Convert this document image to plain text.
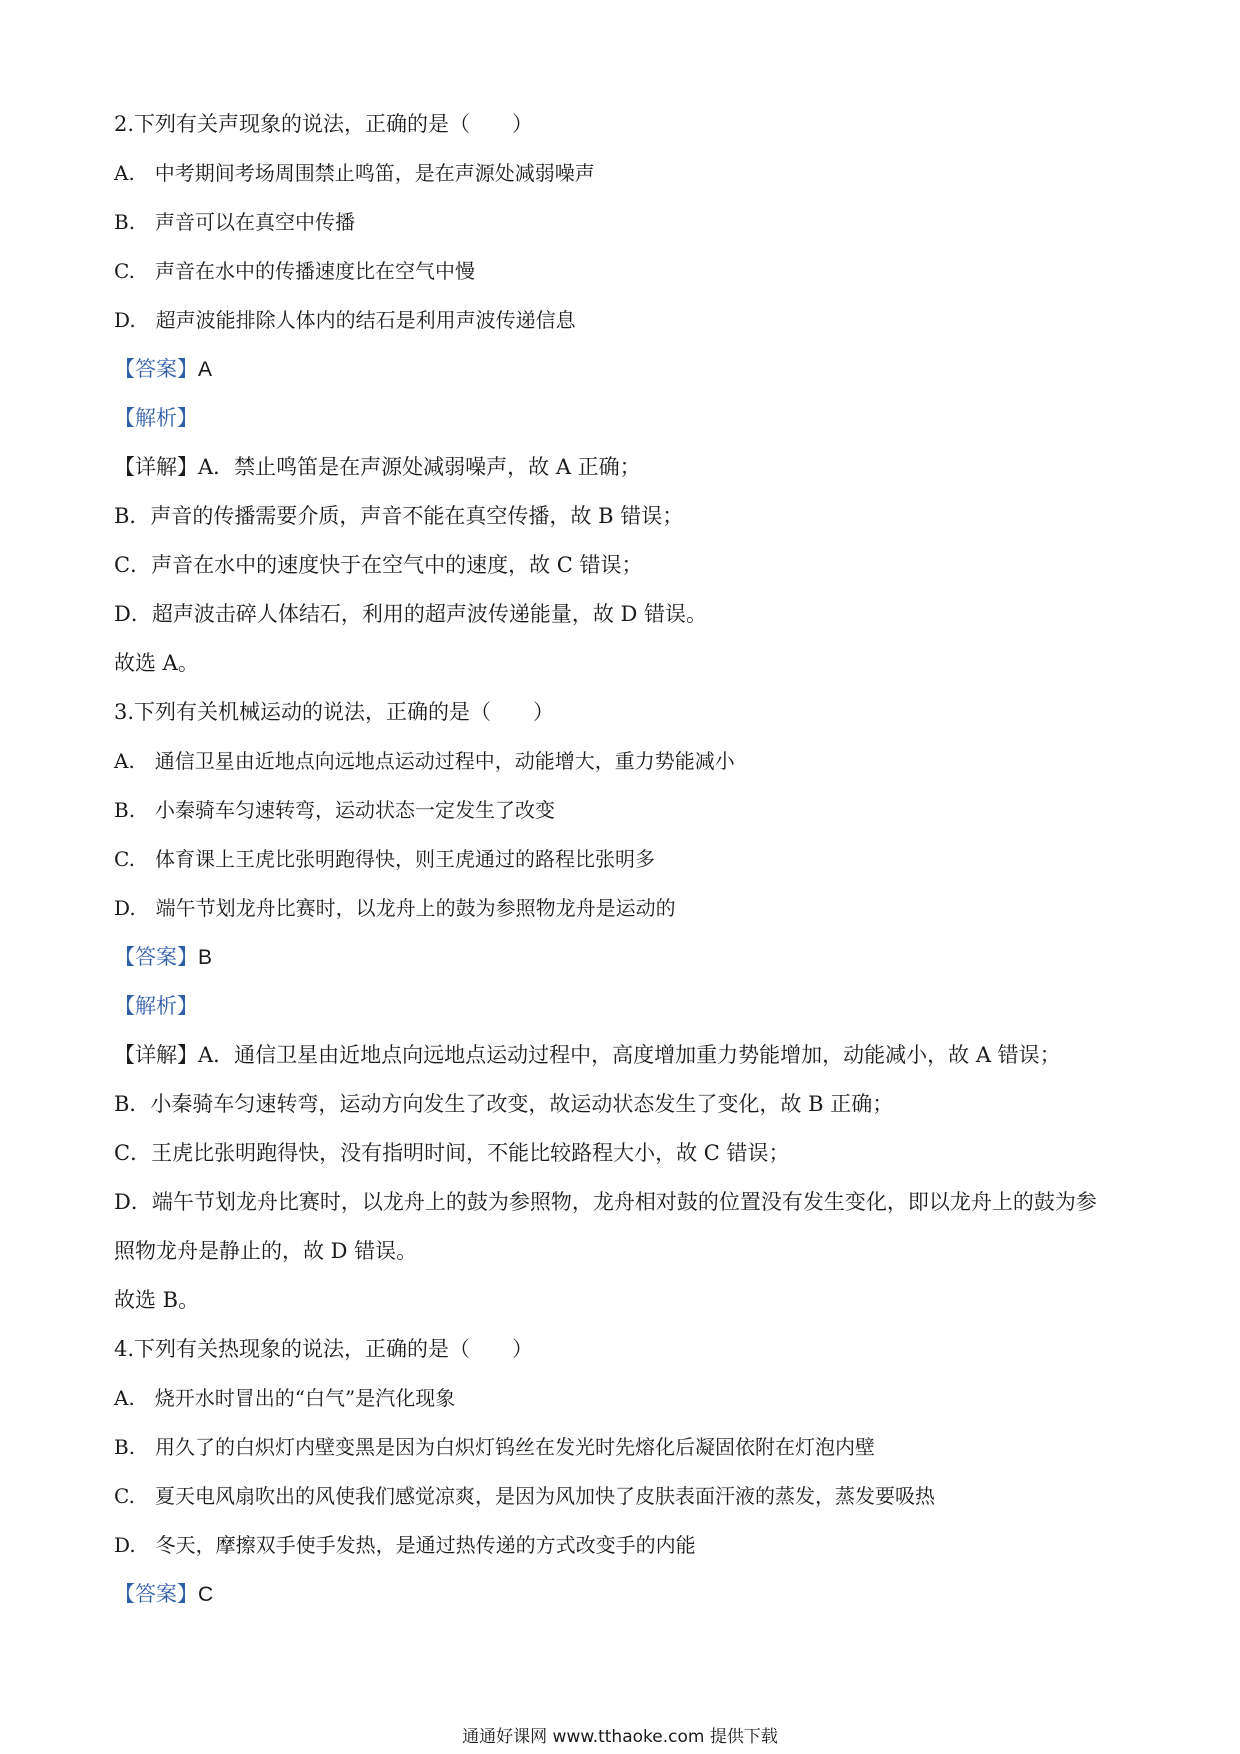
2.下列有关声现象的说法，正确的是（　　）
A.　中考期间考场周围禁止鸣笛，是在声源处减弱噪声
B.　声音可以在真空中传播
C.　声音在水中的传播速度比在空气中慢
D.　超声波能排除人体内的结石是利用声波传递信息
【答案】A
【解析】
【详解】A．禁止鸣笛是在声源处减弱噪声，故 A 正确；
B．声音的传播需要介质，声音不能在真空传播，故 B 错误；
C．声音在水中的速度快于在空气中的速度，故 C 错误；
D．超声波击碎人体结石，利用的超声波传递能量，故 D 错误。
故选 A。
3.下列有关机械运动的说法，正确的是（　　）
A.　通信卫星由近地点向远地点运动过程中，动能增大，重力势能减小
B.　小秦骑车匀速转弯，运动状态一定发生了改变
C.　体育课上王虎比张明跑得快，则王虎通过的路程比张明多
D.　端午节划龙舟比赛时，以龙舟上的鼓为参照物龙舟是运动的
【答案】B
【解析】
【详解】A．通信卫星由近地点向远地点运动过程中，高度增加重力势能增加，动能减小，故 A 错误；
B．小秦骑车匀速转弯，运动方向发生了改变，故运动状态发生了变化，故 B 正确；
C．王虎比张明跑得快，没有指明时间，不能比较路程大小，故 C 错误；
D．端午节划龙舟比赛时，以龙舟上的鼓为参照物，龙舟相对鼓的位置没有发生变化，即以龙舟上的鼓为参
照物龙舟是静止的，故 D 错误。
故选 B。
4.下列有关热现象的说法，正确的是（　　）
A.　烧开水时冒出的“白气”是汽化现象
B.　用久了的白炽灯内壁变黑是因为白炽灯钨丝在发光时先熔化后凝固依附在灯泡内壁
C.　夏天电风扇吹出的风使我们感觉凉爽，是因为风加快了皮肤表面汗液的蒸发，蒸发要吸热
D.　冬天，摩擦双手使手发热，是通过热传递的方式改变手的内能
【答案】C
通通好课网 www.tthaoke.com 提供下载
